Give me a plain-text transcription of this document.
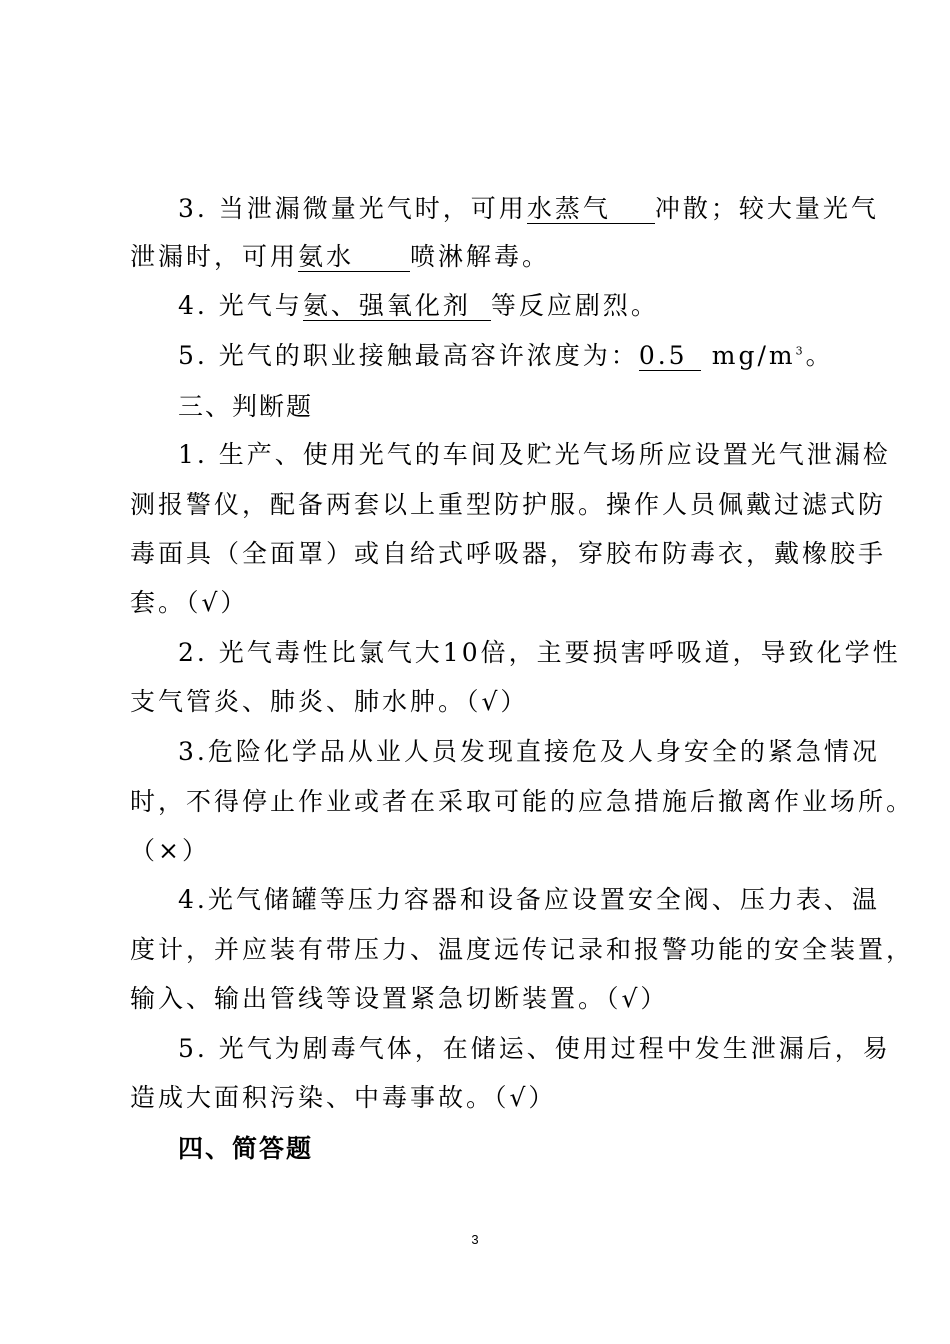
3. 当泄漏微量光气时，可用水蒸气 冲散；较大量光气
泄漏时，可用氨水 喷淋解毒。
4. 光气与氨、强氧化剂 等反应剧烈。
5. 光气的职业接触最高容许浓度为：0.5 $mg/m^3$。
三、判断题
1. 生产、使用光气的车间及贮光气场所应设置光气泄漏检
测报警仪，配备两套以上重型防护服。操作人员佩戴过滤式防
毒面具（全面罩）或自给式呼吸器，穿胶布防毒衣，戴橡胶手
套。（√）
2. 光气毒性比氯气大10倍，主要损害呼吸道，导致化学性
支气管炎、肺炎、肺水肿。（√）
3.危险化学品从业人员发现直接危及人身安全的紧急情况
时，不得停止作业或者在采取可能的应急措施后撤离作业场所。
（×）
4.光气储罐等压力容器和设备应设置安全阀、压力表、温
度计，并应装有带压力、温度远传记录和报警功能的安全装置，
输入、输出管线等设置紧急切断装置。（√）
5. 光气为剧毒气体，在储运、使用过程中发生泄漏后，易
造成大面积污染、中毒事故。（√）
四、简答题
3
